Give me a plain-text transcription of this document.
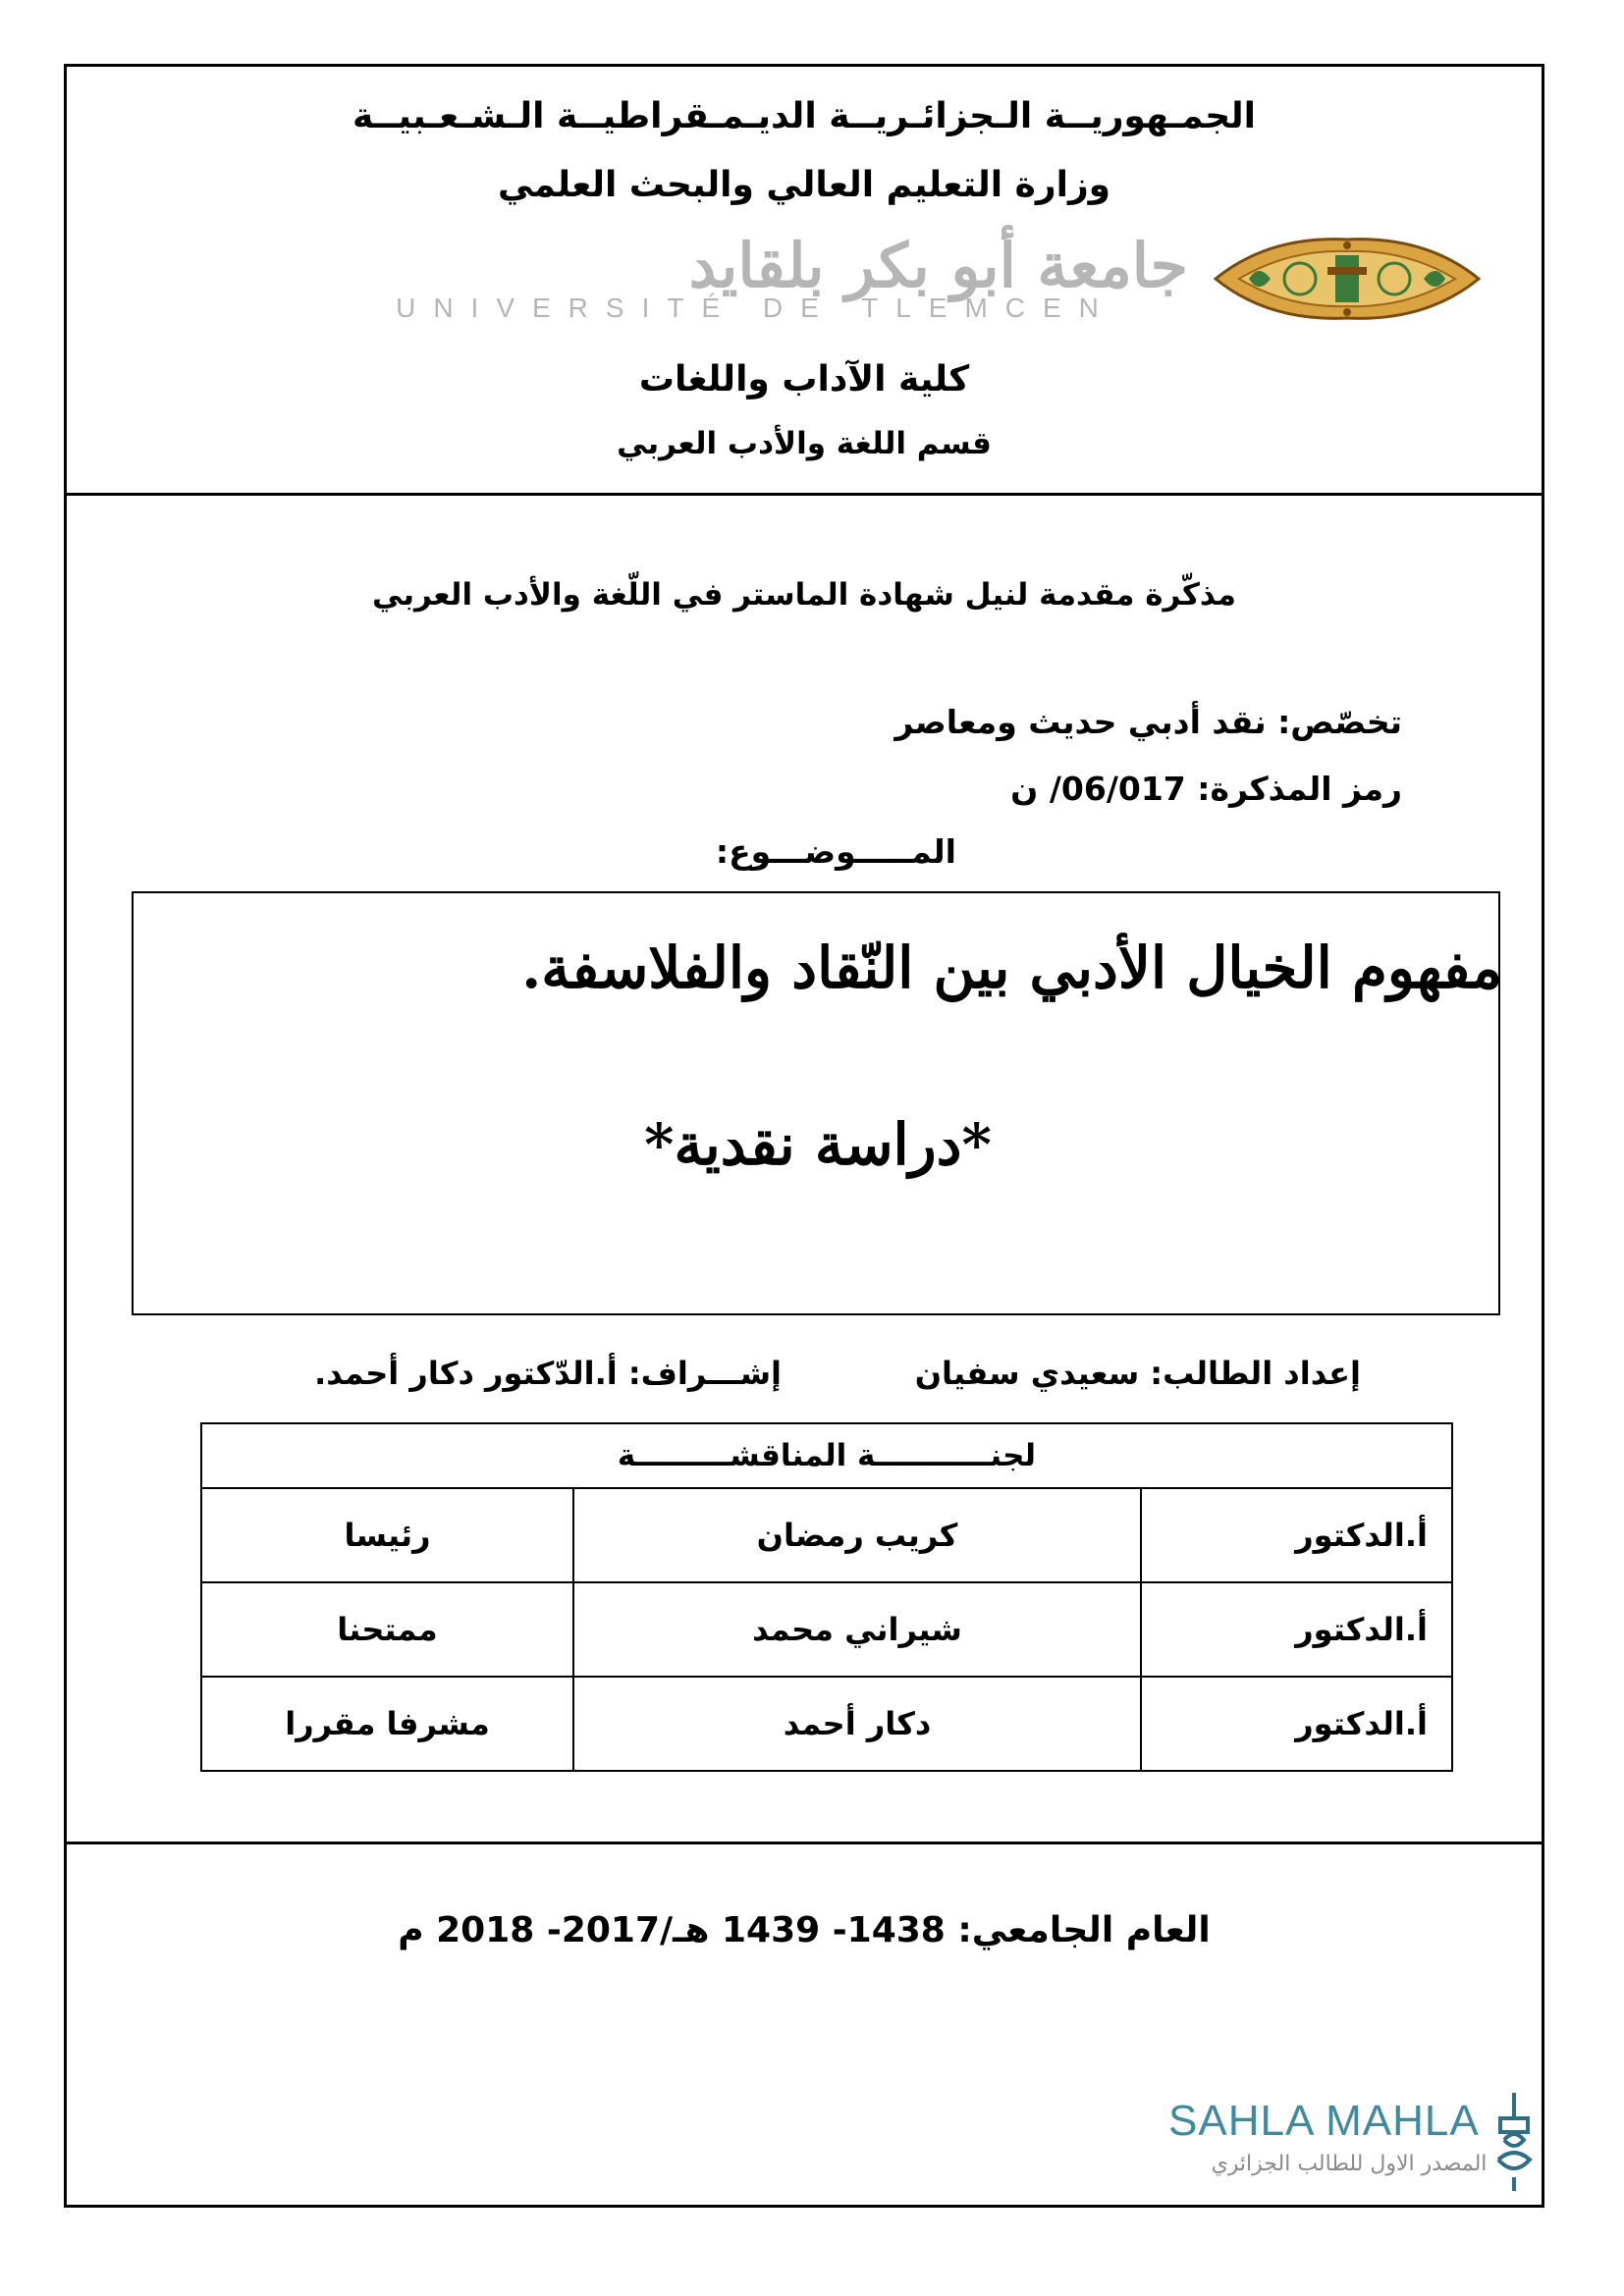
الجمـهوريــة الـجزائـريــة الديـمـقراطيــة الـشـعـبيــة
وزارة التعليم العالي والبحث العلمي
جامعة أبو بكر بلقايد
UNIVERSITÉ DE TLEMCEN
كلية الآداب واللغات
قسم اللغة والأدب العربي
مذكّرة مقدمة لنيل شهادة الماستر في اللّغة والأدب العربي
تخصّص: نقد أدبي حديث ومعاصر
رمز المذكرة: 06/017/ ن
المـــــوضـــوع:
مفهوم الخيال الأدبي بين النّقاد والفلاسفة.
*دراسة نقدية*
إعداد الطالب: سعيدي سفيان
إشـــراف: أ.الدّكتور دكار أحمد.
لجنـــــــــــة المناقشـــــــــة		
أ.الدكتور	كريب رمضان	رئيسا
أ.الدكتور	شيراني محمد	ممتحنا
أ.الدكتور	دكار أحمد	مشرفا مقررا
العام الجامعي: 1438- 1439 هـ/2017- 2018 م
SAHLA MAHLA
المصدر الاول للطالب الجزائري
